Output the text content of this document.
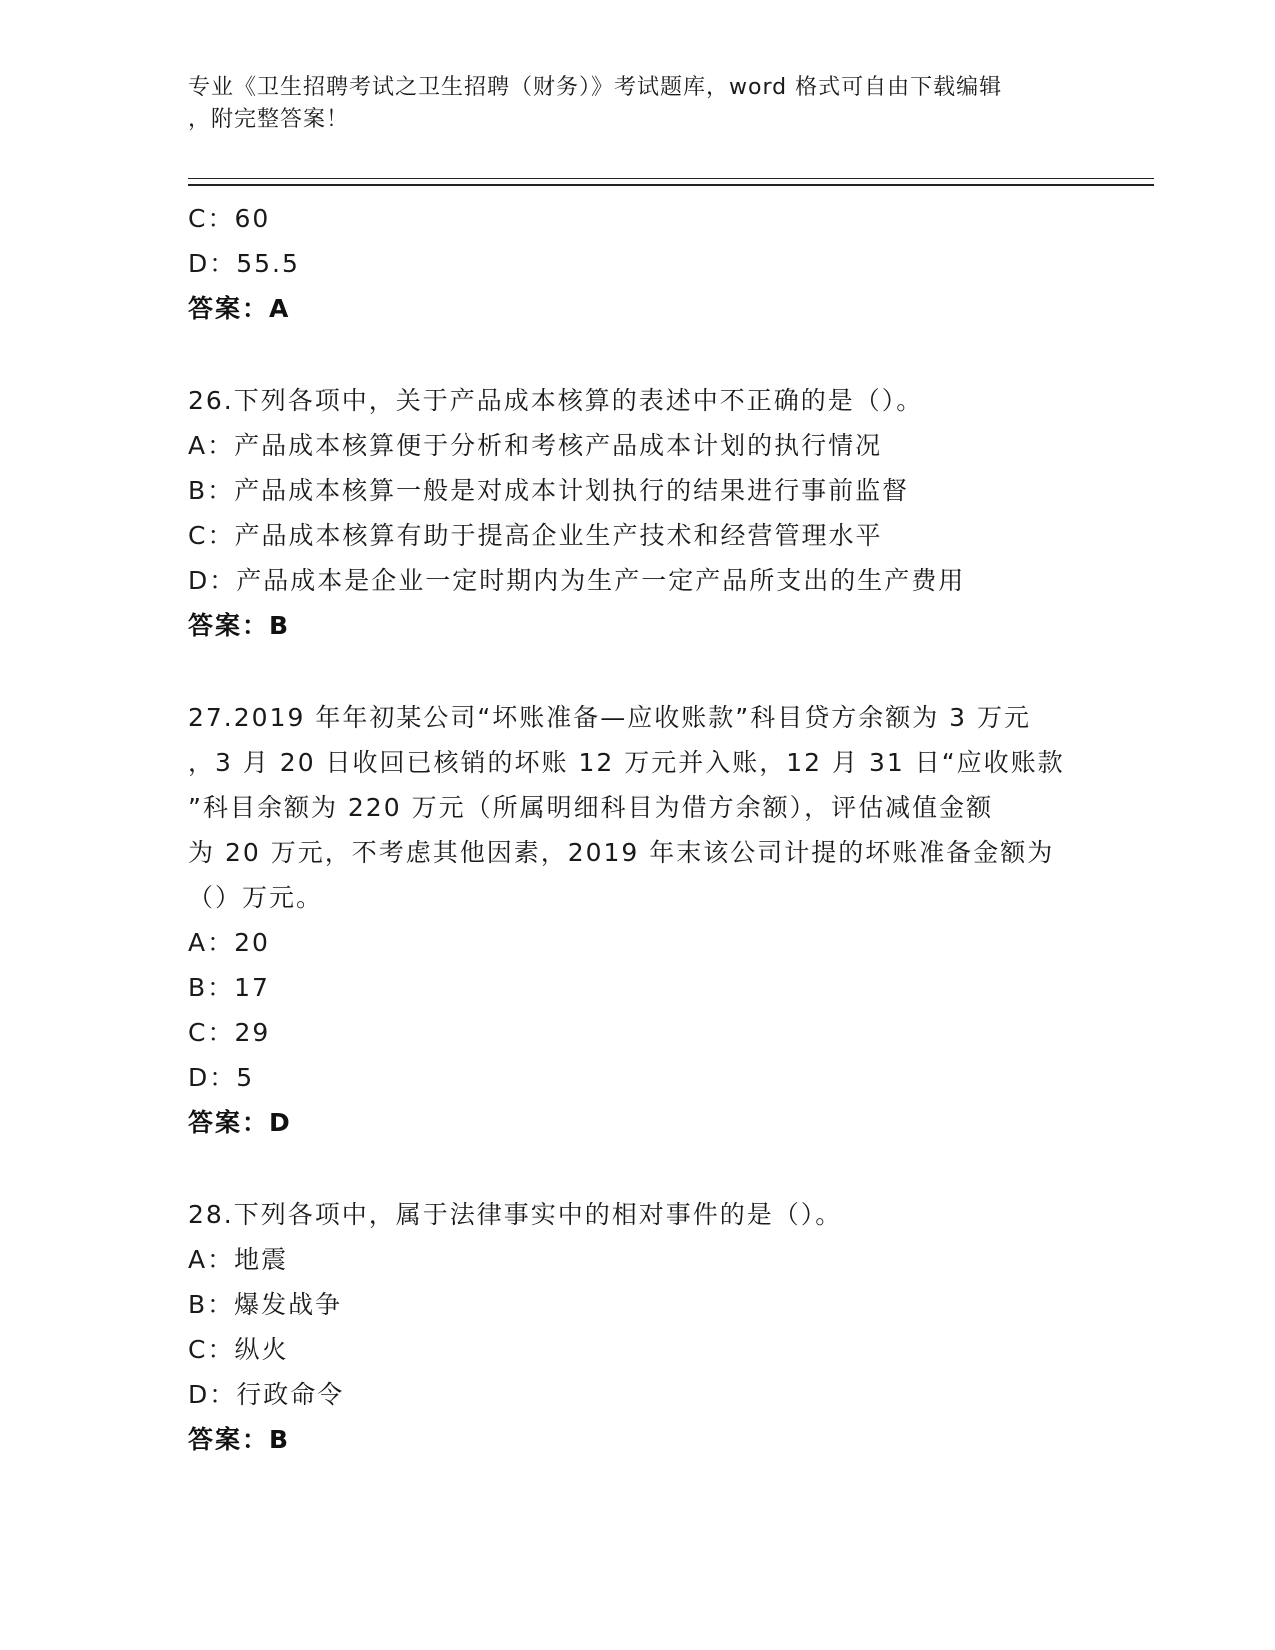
专业《卫生招聘考试之卫生招聘（财务）》考试题库，word 格式可自由下载编辑
，附完整答案！
C：60
D：55.5
答案：A
26.下列各项中，关于产品成本核算的表述中不正确的是（）。
A：产品成本核算便于分析和考核产品成本计划的执行情况
B：产品成本核算一般是对成本计划执行的结果进行事前监督
C：产品成本核算有助于提高企业生产技术和经营管理水平
D：产品成本是企业一定时期内为生产一定产品所支出的生产费用
答案：B
27.2019 年年初某公司“坏账准备—应收账款”科目贷方余额为 3 万元
，3 月 20 日收回已核销的坏账 12 万元并入账，12 月 31 日“应收账款
”科目余额为 220 万元（所属明细科目为借方余额），评估减值金额
为 20 万元，不考虑其他因素，2019 年末该公司计提的坏账准备金额为
（）万元。
A：20
B：17
C：29
D：5
答案：D
28.下列各项中，属于法律事实中的相对事件的是（）。
A：地震
B：爆发战争
C：纵火
D：行政命令
答案：B
